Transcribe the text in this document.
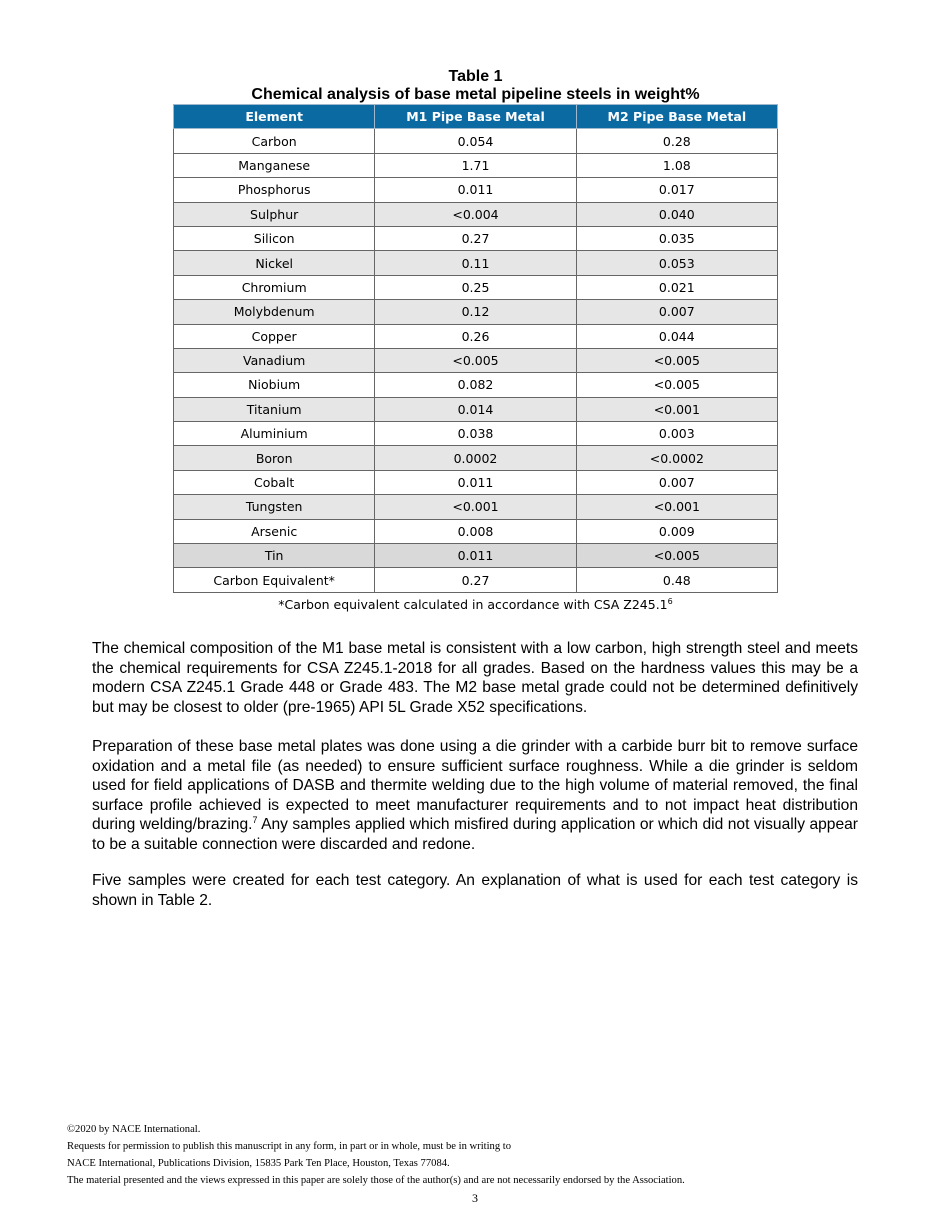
Table 1
Chemical analysis of base metal pipeline steels in weight%
Element	M1 Pipe Base Metal	M2 Pipe Base Metal
Carbon	0.054	0.28
Manganese	1.71	1.08
Phosphorus	0.011	0.017
Sulphur	<0.004	0.040
Silicon	0.27	0.035
Nickel	0.11	0.053
Chromium	0.25	0.021
Molybdenum	0.12	0.007
Copper	0.26	0.044
Vanadium	<0.005	<0.005
Niobium	0.082	<0.005
Titanium	0.014	<0.001
Aluminium	0.038	0.003
Boron	0.0002	<0.0002
Cobalt	0.011	0.007
Tungsten	<0.001	<0.001
Arsenic	0.008	0.009
Tin	0.011	<0.005
Carbon Equivalent*	0.27	0.48
*Carbon equivalent calculated in accordance with CSA Z245.1$^6$

The chemical composition of the M1 base metal is consistent with a low carbon, high strength steel and meets the chemical requirements for CSA Z245.1-2018 for all grades. Based on the hardness values this may be a modern CSA Z245.1 Grade 448 or Grade 483. The M2 base metal grade could not be determined definitively but may be closest to older (pre-1965) API 5L Grade X52 specifications.

Preparation of these base metal plates was done using a die grinder with a carbide burr bit to remove surface oxidation and a metal file (as needed) to ensure sufficient surface roughness. While a die grinder is seldom used for field applications of DASB and thermite welding due to the high volume of material removed, the final surface profile achieved is expected to meet manufacturer requirements and to not impact heat distribution during welding/brazing.$^7$ Any samples applied which misfired during application or which did not visually appear to be a suitable connection were discarded and redone.

Five samples were created for each test category. An explanation of what is used for each test category is shown in Table 2.

©2020 by NACE International.
Requests for permission to publish this manuscript in any form, in part or in whole, must be in writing to
NACE International, Publications Division, 15835 Park Ten Place, Houston, Texas 77084.
The material presented and the views expressed in this paper are solely those of the author(s) and are not necessarily endorsed by the Association.
3
